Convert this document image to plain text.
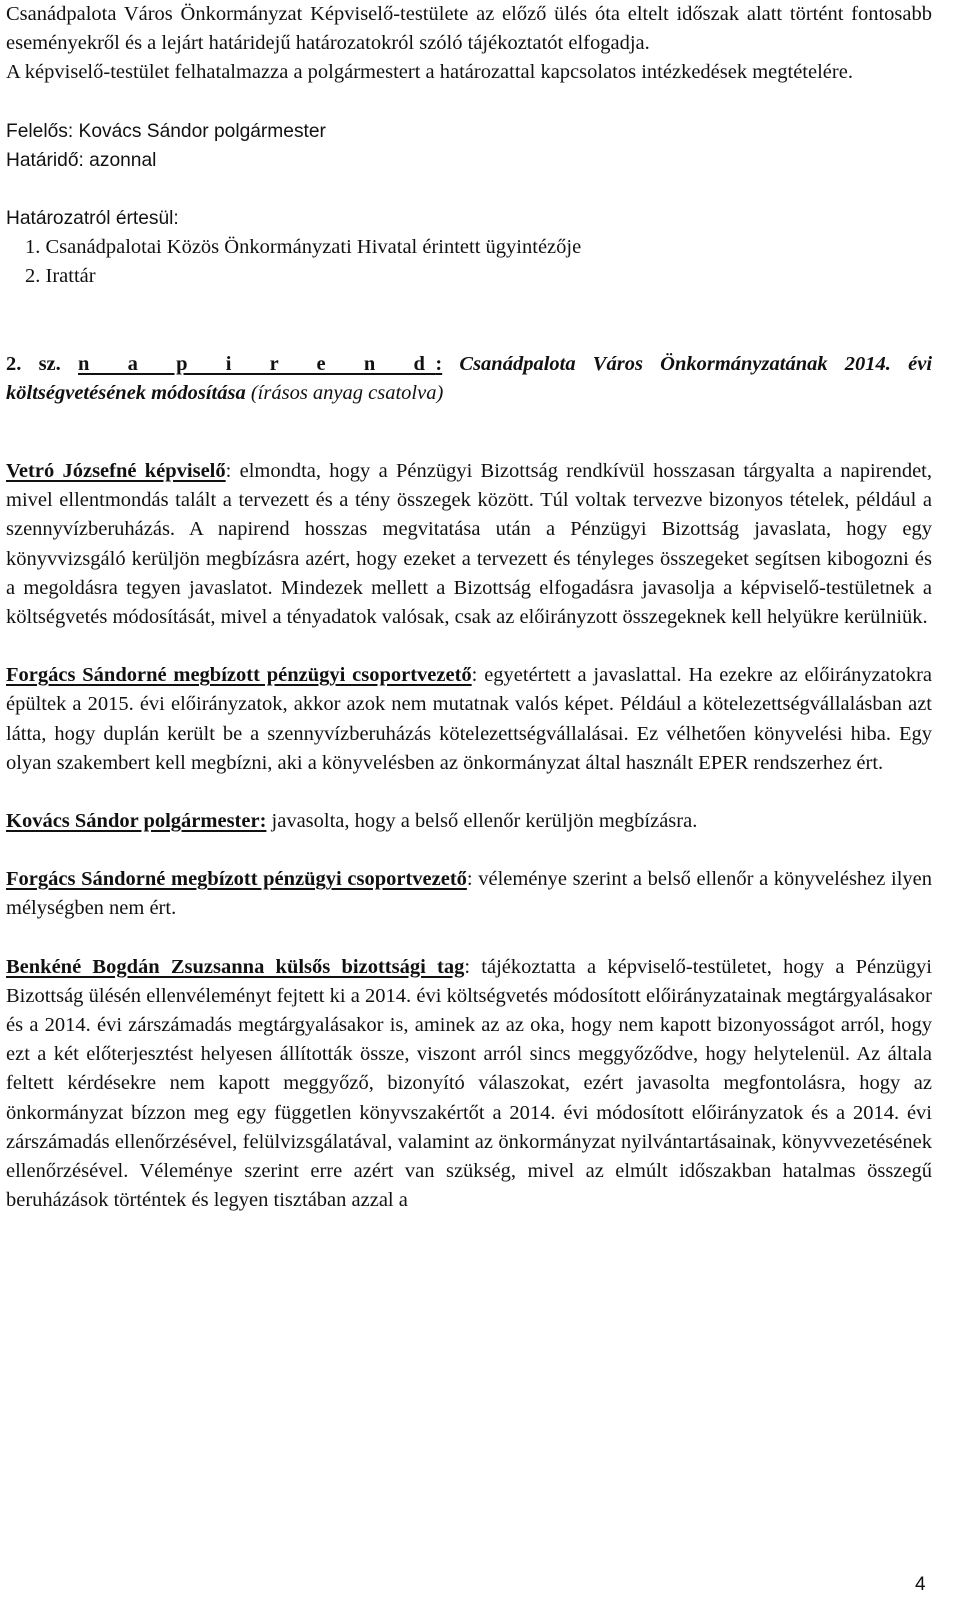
Csanádpalota Város Önkormányzat Képviselő-testülete az előző ülés óta eltelt időszak alatt történt fontosabb eseményekről és a lejárt határidejű határozatokról szóló tájékoztatót elfogadja.

A képviselő-testület felhatalmazza a polgármestert a határozattal kapcsolatos intézkedések megtételére.

Felelős: Kovács Sándor polgármester
Határidő: azonnal
Határozatról értesül:
1. Csanádpalotai Közös Önkormányzati Hivatal érintett ügyintézője
2. Irattár

2. sz. n a p i r e n d: Csanádpalota Város Önkormányzatának 2014. évi

költségvetésének módosítása (írásos anyag csatolva)

Vetró Józsefné képviselő: elmondta, hogy a Pénzügyi Bizottság rendkívül hosszasan tárgyalta a napirendet, mivel ellentmondás talált a tervezett és a tény összegek között. Túl voltak tervezve bizonyos tételek, például a szennyvízberuházás. A napirend hosszas megvitatása után a Pénzügyi Bizottság javaslata, hogy egy könyvvizsgáló kerüljön megbízásra azért, hogy ezeket a tervezett és tényleges összegeket segítsen kibogozni és a megoldásra tegyen javaslatot. Mindezek mellett a Bizottság elfogadásra javasolja a képviselő-testületnek a költségvetés módosítását, mivel a tényadatok valósak, csak az előirányzott összegeknek kell helyükre kerülniük.

Forgács Sándorné megbízott pénzügyi csoportvezető: egyetértett a javaslattal. Ha ezekre az előirányzatokra épültek a 2015. évi előirányzatok, akkor azok nem mutatnak valós képet. Például a kötelezettségvállalásban azt látta, hogy duplán került be a szennyvízberuházás kötelezettségvállalásai. Ez vélhetően könyvelési hiba. Egy olyan szakembert kell megbízni, aki a könyvelésben az önkormányzat által használt EPER rendszerhez ért.

Kovács Sándor polgármester: javasolta, hogy a belső ellenőr kerüljön megbízásra.

Forgács Sándorné megbízott pénzügyi csoportvezető: véleménye szerint a belső ellenőr a könyveléshez ilyen mélységben nem ért.

Benkéné Bogdán Zsuzsanna külsős bizottsági tag: tájékoztatta a képviselő-testületet, hogy a Pénzügyi Bizottság ülésén ellenvéleményt fejtett ki a 2014. évi költségvetés módosított előirányzatainak megtárgyalásakor és a 2014. évi zárszámadás megtárgyalásakor is, aminek az az oka, hogy nem kapott bizonyosságot arról, hogy ezt a két előterjesztést helyesen állították össze, viszont arról sincs meggyőződve, hogy helytelenül. Az általa feltett kérdésekre nem kapott meggyőző, bizonyító válaszokat, ezért javasolta megfontolásra, hogy az önkormányzat bízzon meg egy független könyvszakértőt a 2014. évi módosított előirányzatok és a 2014. évi zárszámadás ellenőrzésével, felülvizsgálatával, valamint az önkormányzat nyilvántartásainak, könyvvezetésének ellenőrzésével. Véleménye szerint erre azért van szükség, mivel az elmúlt időszakban hatalmas összegű beruházások történtek és legyen tisztában azzal a

4
